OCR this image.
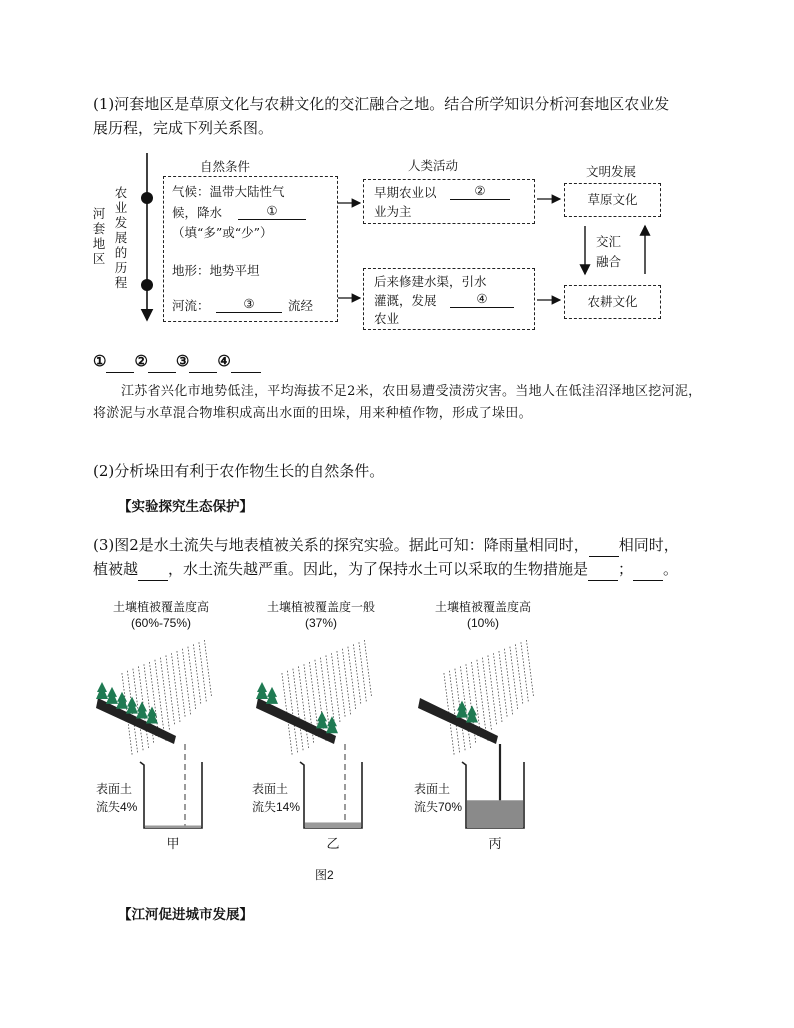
(1)河套地区是草原文化与农耕文化的交汇融合之地。结合所学知识分析河套地区农业发
展历程，完成下列关系图。
河套地区
农业发展的历程
自然条件	人类活动	文明发展
气候：温带大陆性气
候，降水	①
（填“多”或“少”）
地形：地势平坦
河流：	③	流经
早期农业以	②
业为主
后来修建水渠，引水
灌溉，发展	④
农业
草原文化
农耕文化
交汇
融合
① ② ③ ④
江苏省兴化市地势低洼，平均海拔不足2米，农田易遭受渍涝灾害。当地人在低洼沼泽地区挖河泥，将淤泥与水草混合物堆积成高出水面的田垛，用来种植作物，形成了垛田。
(2)分析垛田有利于农作物生长的自然条件。
【实验探究生态保护】
(3)图2是水土流失与地表植被关系的探究实验。据此可知：降雨量相同时， 相同时，
植被越 ，水土流失越严重。因此，为了保持水土可以采取的生物措施是 ； 。
土壤植被覆盖度高
(60%-75%)
表面土
流失4%
甲
土壤植被覆盖度一般
(37%)
表面土
流失14%
乙
土壤植被覆盖度高
(10%)
表面土
流失70%
丙
图2
【江河促进城市发展】
